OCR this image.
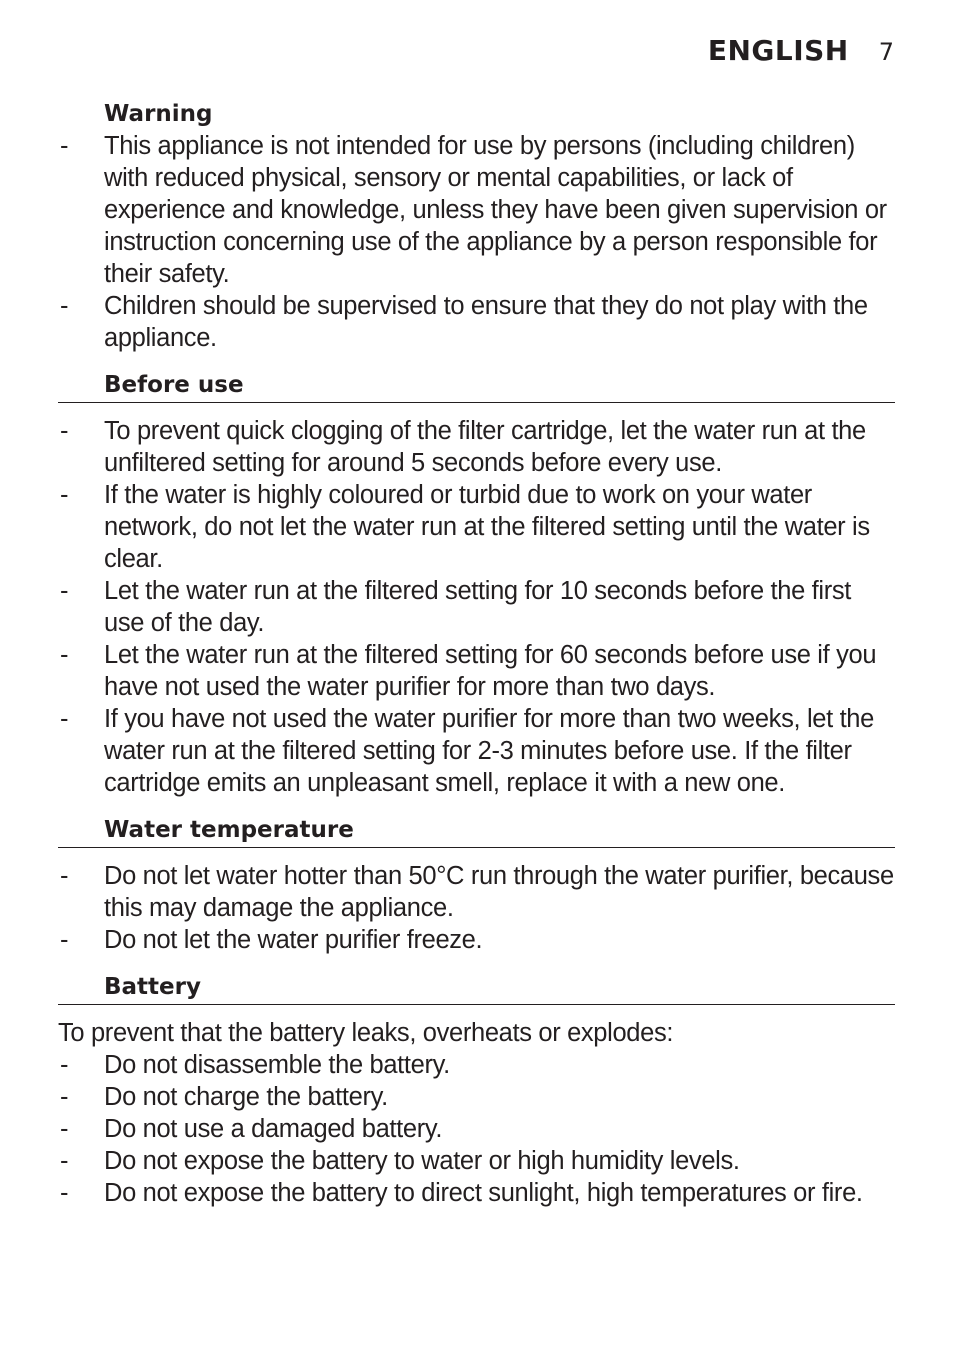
ENGLISH 7
Warning
- This appliance is not intended for use by persons (including children) with reduced physical, sensory or mental capabilities, or lack of experience and knowledge, unless they have been given supervision or instruction concerning use of the appliance by a person responsible for their safety.
- Children should be supervised to ensure that they do not play with the appliance.
Before use
- To prevent quick clogging of the filter cartridge, let the water run at the unfiltered setting for around 5 seconds before every use.
- If the water is highly coloured or turbid due to work on your water network, do not let the water run at the filtered setting until the water is clear.
- Let the water run at the filtered setting for 10 seconds before the first use of the day.
- Let the water run at the filtered setting for 60 seconds before use if you have not used the water purifier for more than two days.
- If you have not used the water purifier for more than two weeks, let the water run at the filtered setting for 2-3 minutes before use. If the filter cartridge emits an unpleasant smell, replace it with a new one.
Water temperature
- Do not let water hotter than 50°C run through the water purifier, because this may damage the appliance.
- Do not let the water purifier freeze.
Battery

To prevent that the battery leaks, overheats or explodes:

- Do not disassemble the battery.
- Do not charge the battery.
- Do not use a damaged battery.
- Do not expose the battery to water or high humidity levels.
- Do not expose the battery to direct sunlight, high temperatures or fire.
